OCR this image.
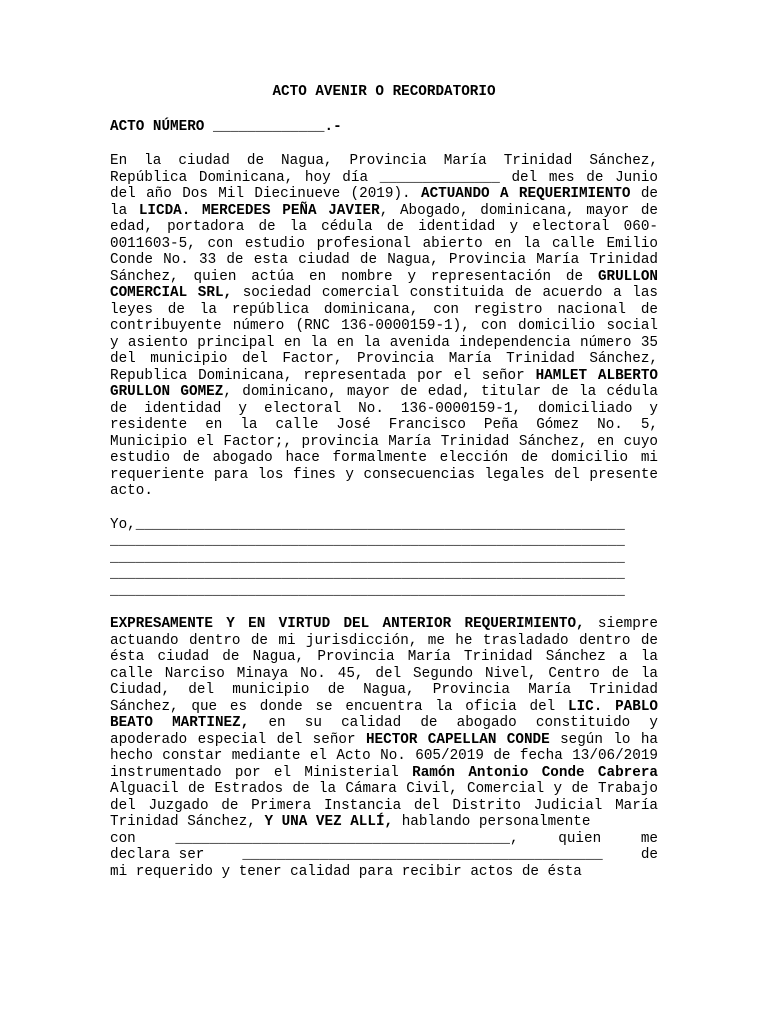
ACTO AVENIR O RECORDATORIO
ACTO NÚMERO _____________.-

En la ciudad de Nagua, Provincia María Trinidad Sánchez, República Dominicana, hoy día ______________ del mes de Junio del año Dos Mil Diecinueve (2019). ACTUANDO A REQUERIMIENTO de la LICDA. MERCEDES PEÑA JAVIER, Abogado, dominicana, mayor de edad, portadora de la cédula de identidad y electoral 060-0011603-5, con estudio profesional abierto en la calle Emilio Conde No. 33 de esta ciudad de Nagua, Provincia María Trinidad Sánchez, quien actúa en nombre y representación de GRULLON COMERCIAL SRL, sociedad comercial constituida de acuerdo a las leyes de la república dominicana, con registro nacional de contribuyente número (RNC 136-0000159-1), con domicilio social y asiento principal en la en la avenida independencia número 35 del municipio del Factor, Provincia María Trinidad Sánchez, Republica Dominicana, representada por el señor HAMLET ALBERTO GRULLON GOMEZ, dominicano, mayor de edad, titular de la cédula de identidad y electoral No. 136-0000159-1, domiciliado y residente en la calle José Francisco Peña Gómez No. 5, Municipio el Factor;, provincia María Trinidad Sánchez, en cuyo estudio de abogado hace formalmente elección de domicilio mi requeriente para los fines y consecuencias legales del presente acto.

Yo,_________________________________________________________
____________________________________________________________
____________________________________________________________
____________________________________________________________
____________________________________________________________

EXPRESAMENTE Y EN VIRTUD DEL ANTERIOR REQUERIMIENTO, siempre actuando dentro de mi jurisdicción, me he trasladado dentro de ésta ciudad de Nagua, Provincia María Trinidad Sánchez a la calle Narciso Minaya No. 45, del Segundo Nivel, Centro de la Ciudad, del municipio de Nagua, Provincia María Trinidad Sánchez, que es donde se encuentra la oficia del LIC. PABLO BEATO MARTINEZ, en su calidad de abogado constituido y apoderado especial del señor HECTOR CAPELLAN CONDE según lo ha hecho constar mediante el Acto No. 605/2019 de fecha 13/06/2019 instrumentado por el Ministerial Ramón Antonio Conde Cabrera Alguacil de Estrados de la Cámara Civil, Comercial y de Trabajo del Juzgado de Primera Instancia del Distrito Judicial María Trinidad Sánchez, Y UNA VEZ ALLÍ, hablando personalmente

con	_______________________________________,	quien	me
declara ser	__________________________________________	de
mi requerido y tener calidad para recibir actos de ésta
